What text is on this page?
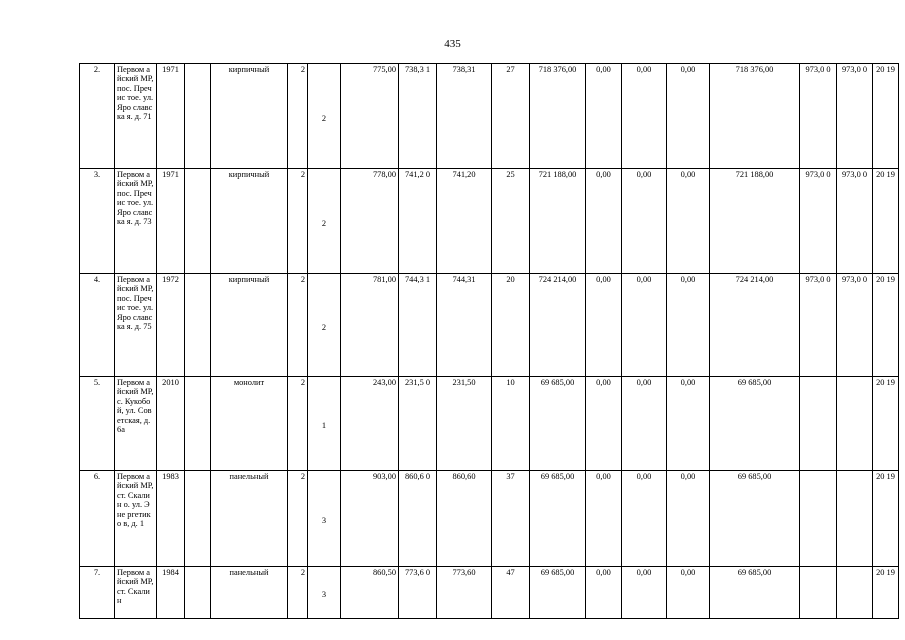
435
2.	Первом айский МР, пос. Пречис тое. ул. Яро славска я. д. 71	1971		кирпичный	2	2	775,00	738,3 1	738,31	27	718 376,00	0,00	0,00	0,00	718 376,00	973,0 0	973,0 0	20 19
3.	Первом айский МР, пос. Пречис тое. ул. Яро славска я. д. 73	1971		кирпичный	2	2	778,00	741,2 0	741,20	25	721 188,00	0,00	0,00	0,00	721 188,00	973,0 0	973,0 0	20 19
4.	Первом айский МР, пос. Пречис тое. ул. Яро славска я. д. 75	1972		кирпичный	2	2	781,00	744,3 1	744,31	20	724 214,00	0,00	0,00	0,00	724 214,00	973,0 0	973,0 0	20 19
5.	Первом айский МР, с. Кукобо й, ул. Сов етская, д. 6а	2010		монолит	2	1	243,00	231,5 0	231,50	10	69 685,00	0,00	0,00	0,00	69 685,00			20 19
6.	Первом айский МР, ст. Скалин о. ул. Эне ргетико в, д. 1	1983		панельный	2	3	903,00	860,6 0	860,60	37	69 685,00	0,00	0,00	0,00	69 685,00			20 19
7.	Первом айский МР, ст. Скалин	1984		панельный	2	3	860,50	773,6 0	773,60	47	69 685,00	0,00	0,00	0,00	69 685,00			20 19
